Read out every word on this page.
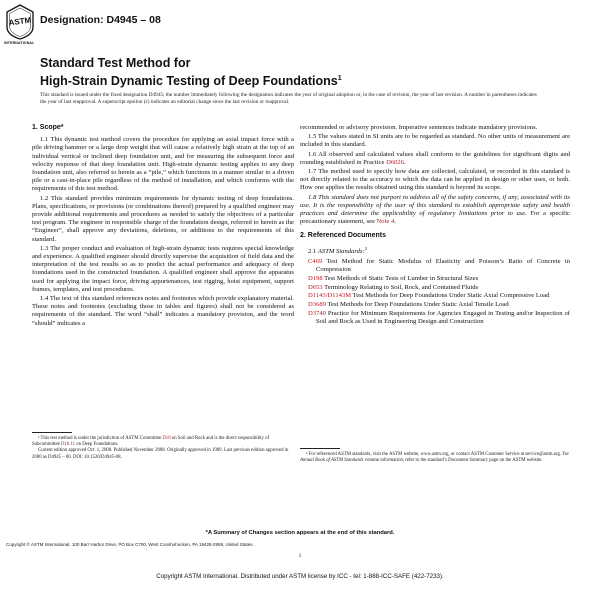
ASTM
INTERNATIONAL
Designation: D4945 – 08
Standard Test Method for
High-Strain Dynamic Testing of Deep Foundations$^1$
This standard is issued under the fixed designation D4945; the number immediately following the designation indicates the year of original adoption or, in the case of revision, the year of last revision. A number in parentheses indicates the year of last reapproval. A superscript epsilon (ε) indicates an editorial change since the last revision or reapproval.
1. Scope*

1.1 This dynamic test method covers the procedure for applying an axial impact force with a pile driving hammer or a large drop weight that will cause a relatively high strain at the top of an individual vertical or inclined deep foundation unit, and for measuring the subsequent force and velocity response of that deep foundation unit. High-strain dynamic testing applies to any deep foundation unit, also referred to herein as a “pile,” which functions in a manner similar to a driven pile or a cast-in-place pile regardless of the method of installation, and which conforms with the requirements of this test method.

1.2 This standard provides minimum requirements for dynamic testing of deep foundations. Plans, specifications, or provisions (or combinations thereof) prepared by a qualified engineer may provide additional requirements and procedures as needed to satisfy the objectives of a particular test program. The engineer in responsible charge of the foundation design, referred to herein as the “Engineer”, shall approve any deviations, deletions, or additions to the requirements of this standard.

1.3 The proper conduct and evaluation of high-strain dynamic tests requires special knowledge and experience. A qualified engineer should directly supervise the acquisition of field data and the interpretation of the test results so as to predict the actual performance and adequacy of deep foundations used in the constructed foundation. A qualified engineer shall approve the apparatus used for applying the impact force, driving appurtenances, test rigging, hoist equipment, support frames, templates, and test procedures.

1.4 The text of this standard references notes and footnotes which provide explanatory material. These notes and footnotes (excluding those in tables and figures) shall not be considered as requirements of the standard. The word “shall” indicates a mandatory provision, and the word “should” indicates a

recommended or advisory provision. Imperative sentences indicate mandatory provisions.

1.5 The values stated in SI units are to be regarded as standard. No other units of measurement are included in this standard.

1.6 All observed and calculated values shall conform to the guidelines for significant digits and rounding established in Practice D6026.

1.7 The method used to specify how data are collected, calculated, or recorded in this standard is not directly related to the accuracy to which the data can be applied in design or other uses, or both. How one applies the results obtained using this standard is beyond its scope.

1.8 This standard does not purport to address all of the safety concerns, if any, associated with its use. It is the responsibility of the user of this standard to establish appropriate safety and health practices and determine the applicability of regulatory limitations prior to use. For a specific precautionary statement, see Note 4.

2. Referenced Documents
2.1 ASTM Standards:$^2$
C469 Test Method for Static Modulus of Elasticity and Poisson’s Ratio of Concrete in Compression
D198 Test Methods of Static Tests of Lumber in Structural Sizes
D653 Terminology Relating to Soil, Rock, and Contained Fluids
D1143/D1143M Test Methods for Deep Foundations Under Static Axial Compressive Load
D3689 Test Methods for Deep Foundations Under Static Axial Tensile Load
D3740 Practice for Minimum Requirements for Agencies Engaged in Testing and/or Inspection of Soil and Rock as Used in Engineering Design and Construction
¹ This test method is under the jurisdiction of ASTM Committee D18 on Soil and Rock and is the direct responsibility of Subcommittee D18.11 on Deep Foundations.
Current edition approved Oct. 1, 2008. Published November 2008. Originally approved in 1989. Last previous edition approved in 2000 as D4945 – 00. DOI: 10.1520/D4945-08.
² For referenced ASTM standards, visit the ASTM website, www.astm.org, or contact ASTM Customer Service at service@astm.org. For Annual Book of ASTM Standards volume information, refer to the standard’s Document Summary page on the ASTM website.
*A Summary of Changes section appears at the end of this standard.
Copyright © ASTM International, 100 Barr Harbor Drive, PO Box C700, West Conshohocken, PA 19428-2959, United States.
1
Copyright ASTM International. Distributed under ASTM license by ICC - tel: 1-888-ICC-SAFE (422-7233).
